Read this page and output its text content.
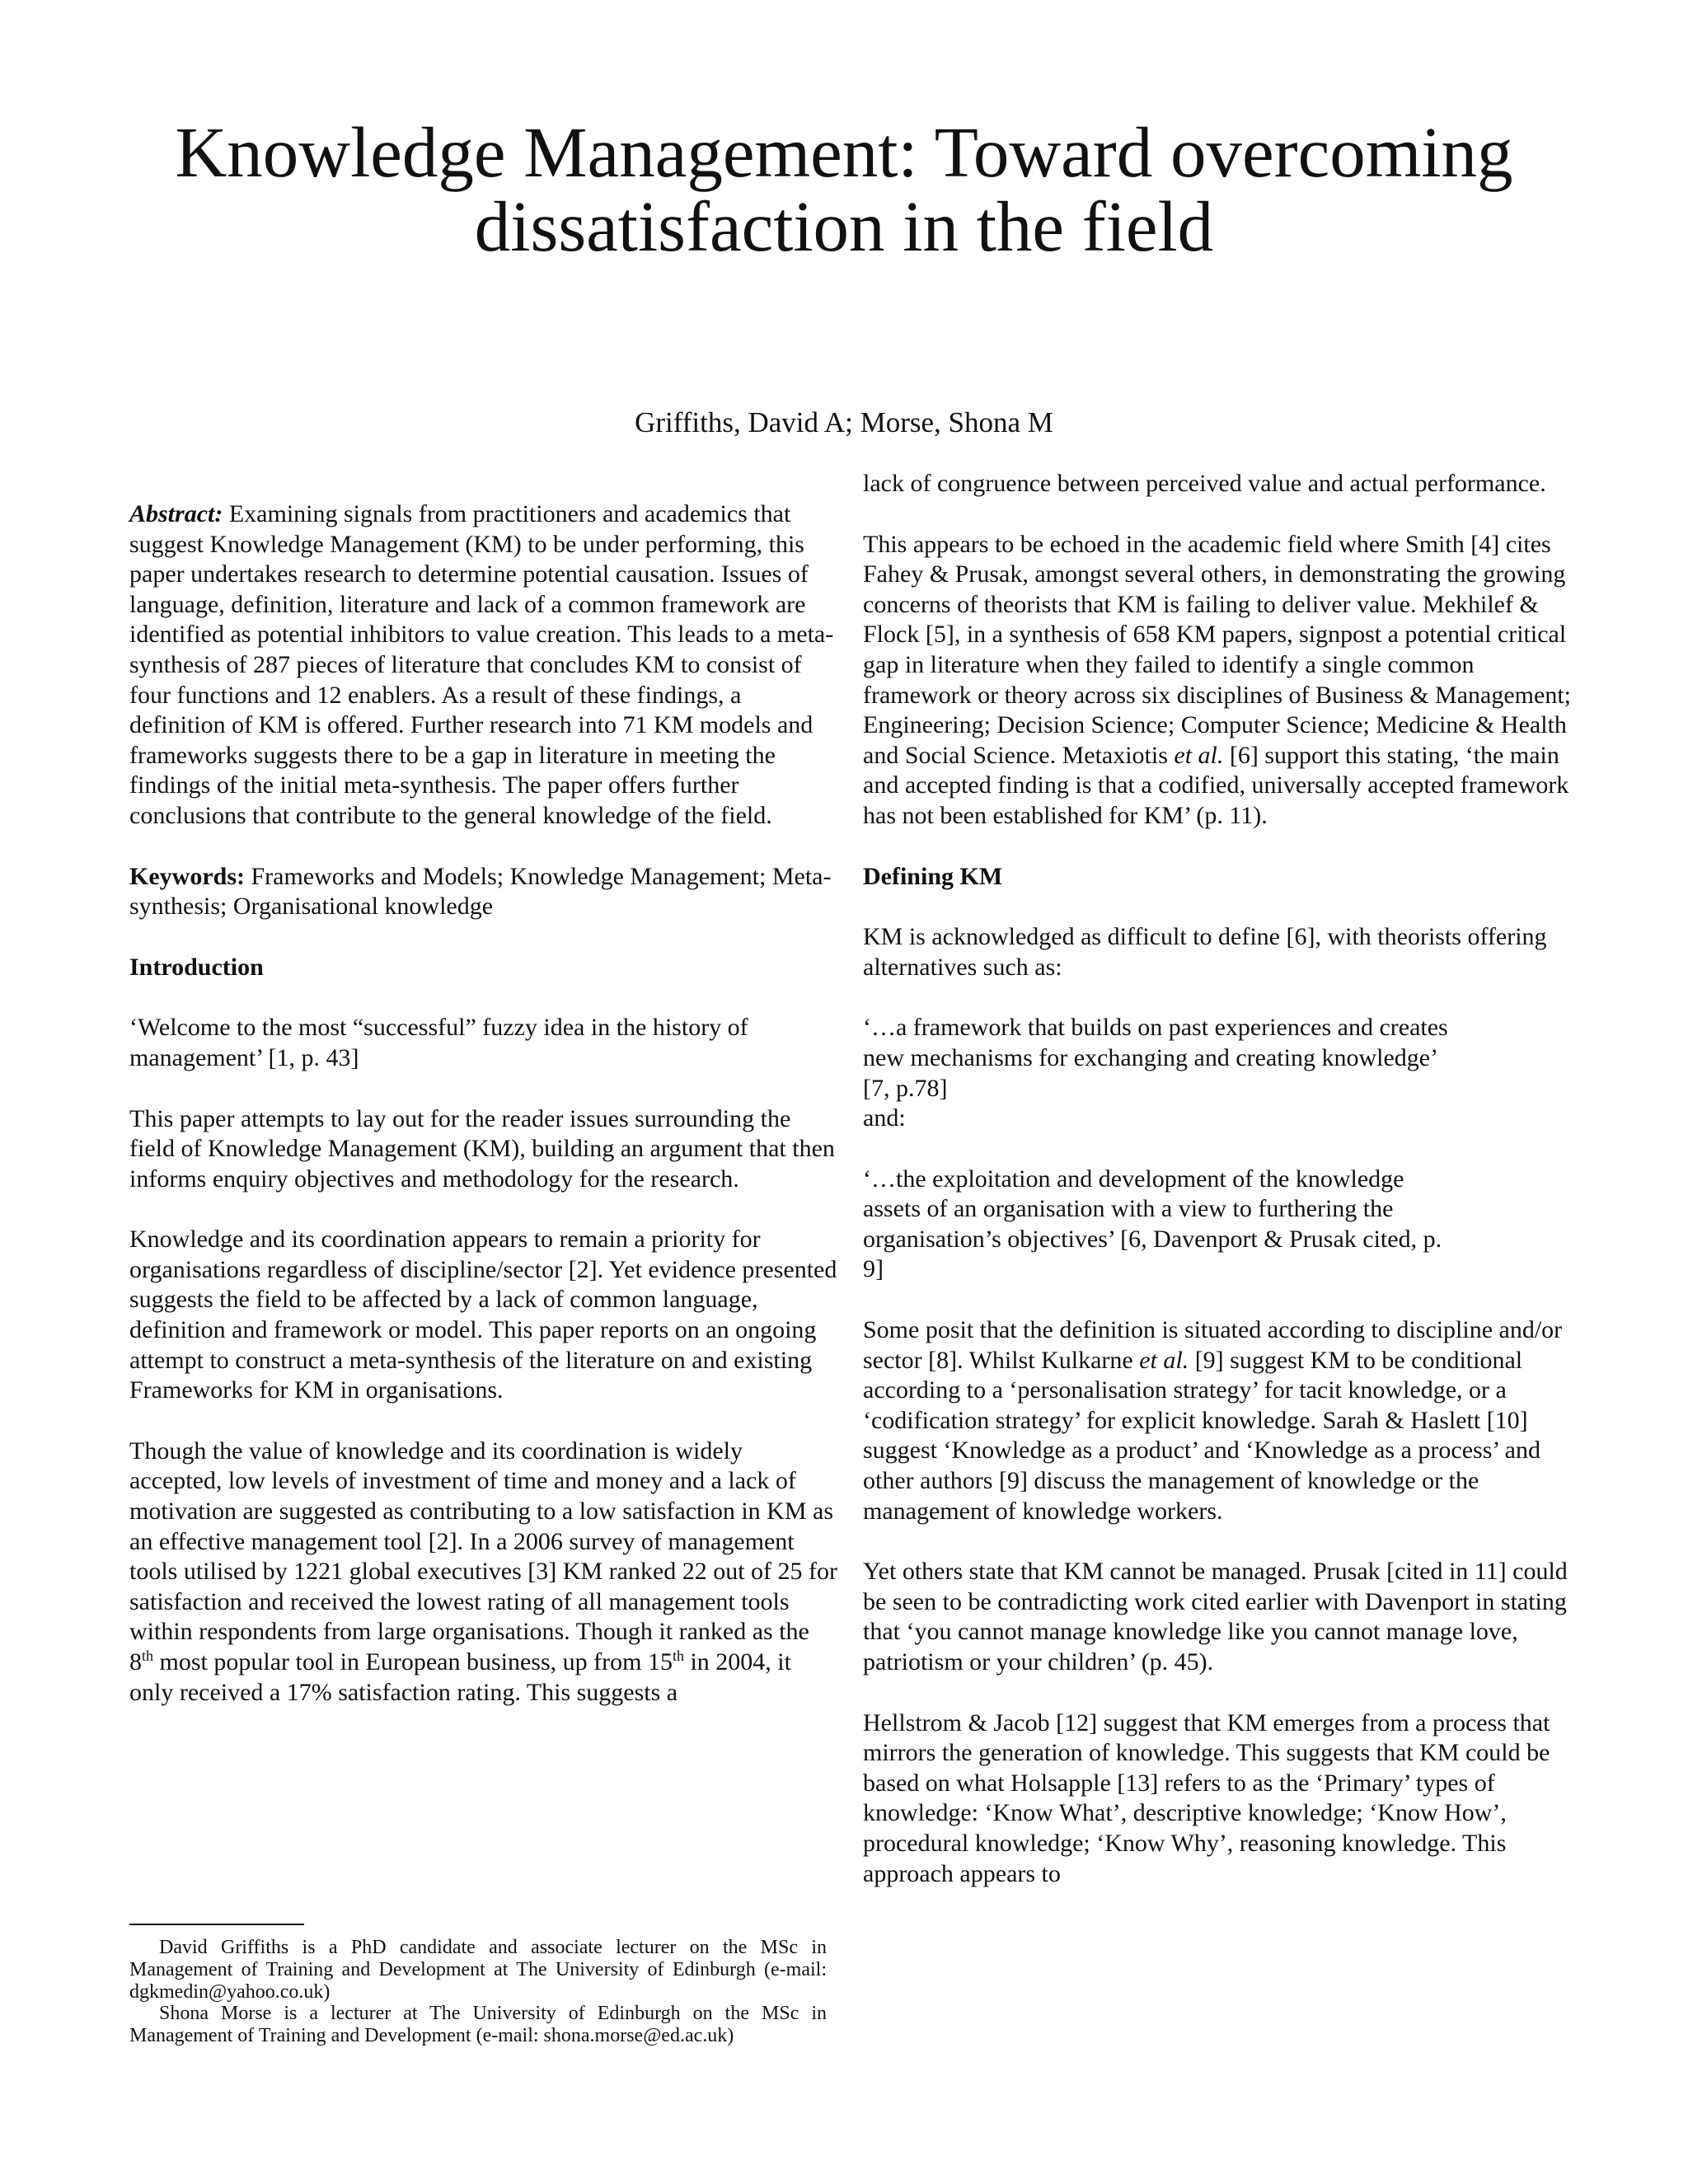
Knowledge Management: Toward overcoming
dissatisfaction in the field
Griffiths, David A; Morse, Shona M

Abstract: Examining signals from practitioners and academics that suggest Knowledge Management (KM) to be under performing, this paper undertakes research to determine potential causation. Issues of language, definition, literature and lack of a common framework are identified as potential inhibitors to value creation. This leads to a meta-synthesis of 287 pieces of literature that concludes KM to consist of four functions and 12 enablers. As a result of these findings, a definition of KM is offered. Further research into 71 KM models and frameworks suggests there to be a gap in literature in meeting the findings of the initial meta-synthesis. The paper offers further conclusions that contribute to the general knowledge of the field.

Keywords: Frameworks and Models; Knowledge Management; Meta-synthesis; Organisational knowledge

Introduction

‘Welcome to the most “successful” fuzzy idea in the history of management’ [1, p. 43]

This paper attempts to lay out for the reader issues surrounding the field of Knowledge Management (KM), building an argument that then informs enquiry objectives and methodology for the research.

Knowledge and its coordination appears to remain a priority for organisations regardless of discipline/sector [2]. Yet evidence presented suggests the field to be affected by a lack of common language, definition and framework or model. This paper reports on an ongoing attempt to construct a meta-synthesis of the literature on and existing Frameworks for KM in organisations.

Though the value of knowledge and its coordination is widely accepted, low levels of investment of time and money and a lack of motivation are suggested as contributing to a low satisfaction in KM as an effective management tool [2]. In a 2006 survey of management tools utilised by 1221 global executives [3] KM ranked 22 out of 25 for satisfaction and received the lowest rating of all management tools within respondents from large organisations. Though it ranked as the 8th most popular tool in European business, up from 15th in 2004, it only received a 17% satisfaction rating. This suggests a

lack of congruence between perceived value and actual performance.

This appears to be echoed in the academic field where Smith [4] cites Fahey & Prusak, amongst several others, in demonstrating the growing concerns of theorists that KM is failing to deliver value. Mekhilef & Flock [5], in a synthesis of 658 KM papers, signpost a potential critical gap in literature when they failed to identify a single common framework or theory across six disciplines of Business & Management; Engineering; Decision Science; Computer Science; Medicine & Health and Social Science. Metaxiotis et al. [6] support this stating, ‘the main and accepted finding is that a codified, universally accepted framework has not been established for KM’ (p. 11).

Defining KM

KM is acknowledged as difficult to define [6], with theorists offering alternatives such as:

‘…a framework that builds on past experiences and creates new mechanisms for exchanging and creating knowledge’ [7, p.78]

and:

‘…the exploitation and development of the knowledge assets of an organisation with a view to furthering the organisation’s objectives’ [6, Davenport & Prusak cited, p. 9]

Some posit that the definition is situated according to discipline and/or sector [8]. Whilst Kulkarne et al. [9] suggest KM to be conditional according to a ‘personalisation strategy’ for tacit knowledge, or a ‘codification strategy’ for explicit knowledge. Sarah & Haslett [10] suggest ‘Knowledge as a product’ and ‘Knowledge as a process’ and other authors [9] discuss the management of knowledge or the management of knowledge workers.

Yet others state that KM cannot be managed. Prusak [cited in 11] could be seen to be contradicting work cited earlier with Davenport in stating that ‘you cannot manage knowledge like you cannot manage love, patriotism or your children’ (p. 45).

Hellstrom & Jacob [12] suggest that KM emerges from a process that mirrors the generation of knowledge. This suggests that KM could be based on what Holsapple [13] refers to as the ‘Primary’ types of knowledge: ‘Know What’, descriptive knowledge; ‘Know How’, procedural knowledge; ‘Know Why’, reasoning knowledge. This approach appears to

David Griffiths is a PhD candidate and associate lecturer on the MSc in Management of Training and Development at The University of Edinburgh (e-mail: dgkmedin@yahoo.co.uk)

Shona Morse is a lecturer at The University of Edinburgh on the MSc in Management of Training and Development (e-mail: shona.morse@ed.ac.uk)
